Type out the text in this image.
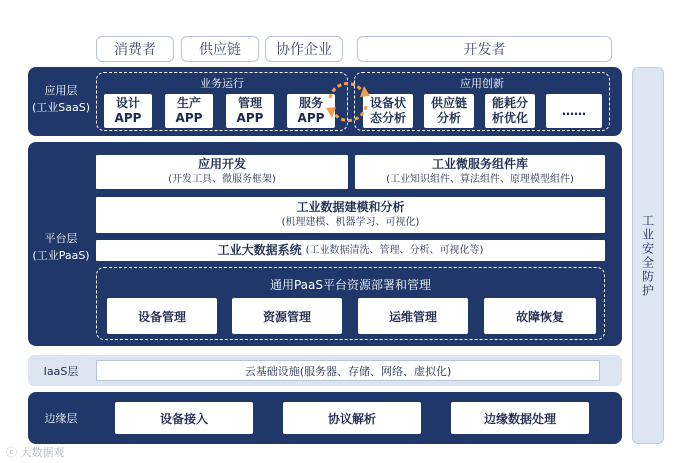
消费者	供应链	协作企业	开发者
工业安全防护
应用层
(工业SaaS)
业务运行	应用创新
设计
APP
生产
APP
管理
APP
服务
APP
设备状
态分析
供应链
分析
能耗分
析优化
……
平台层
(工业PaaS)
应用开发
(开发工具、微服务框架)
工业微服务组件库
(工业知识组件、算法组件、原理模型组件)
工业数据建模和分析
(机理建模、机器学习、可视化)
工业大数据系统 (工业数据清洗、管理、分析、可视化等)
通用PaaS平台资源部署和管理
设备管理	资源管理	运维管理	故障恢复
IaaS层	云基础设施(服务器、存储、网络、虚拟化)
边缘层	设备接入	协议解析	边缘数据处理
ⓒ 大数据观
